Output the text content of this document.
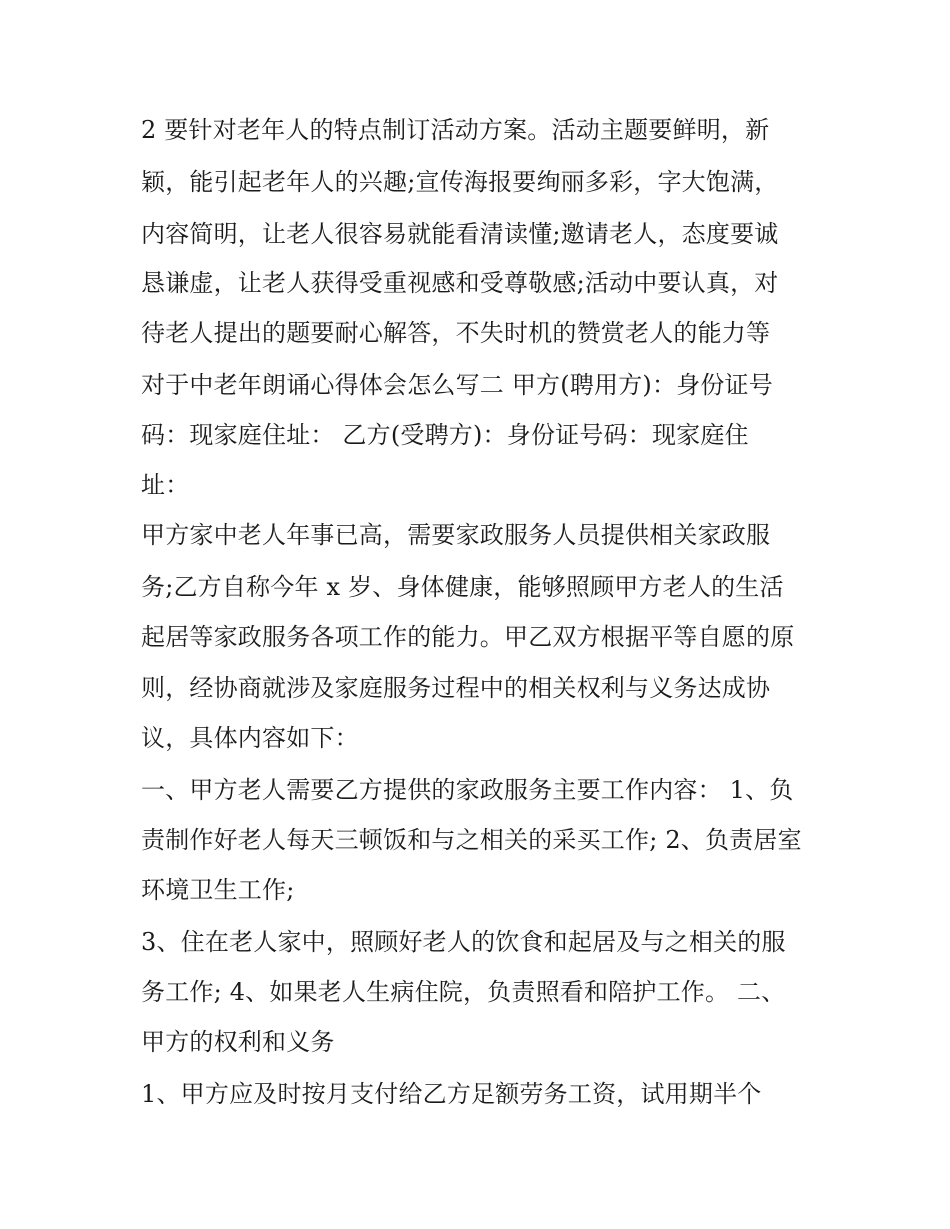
2 要针对老年人的特点制订活动方案。活动主题要鲜明，新
颖，能引起老年人的兴趣;宣传海报要绚丽多彩，字大饱满，
内容简明，让老人很容易就能看清读懂;邀请老人，态度要诚
恳谦虚，让老人获得受重视感和受尊敬感;活动中要认真，对
待老人提出的题要耐心解答，不失时机的赞赏老人的能力等
对于中老年朗诵心得体会怎么写二 甲方(聘用方)：身份证号
码：现家庭住址： 乙方(受聘方)：身份证号码：现家庭住
址：
甲方家中老人年事已高，需要家政服务人员提供相关家政服
务;乙方自称今年 x 岁、身体健康，能够照顾甲方老人的生活
起居等家政服务各项工作的能力。甲乙双方根据平等自愿的原
则，经协商就涉及家庭服务过程中的相关权利与义务达成协
议，具体内容如下：
一、甲方老人需要乙方提供的家政服务主要工作内容： 1、负
责制作好老人每天三顿饭和与之相关的采买工作; 2、负责居室
环境卫生工作;
3、住在老人家中，照顾好老人的饮食和起居及与之相关的服
务工作; 4、如果老人生病住院，负责照看和陪护工作。 二、
甲方的权利和义务
1、甲方应及时按月支付给乙方足额劳务工资，试用期半个
